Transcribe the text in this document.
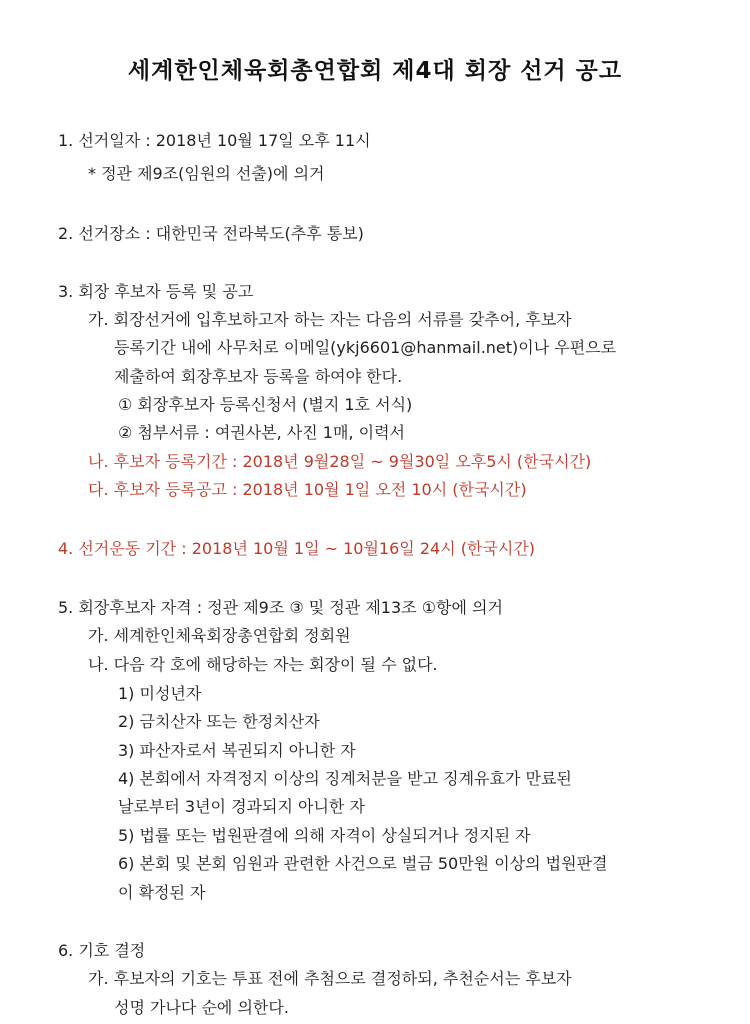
세계한인체육회총연합회 제4대 회장 선거 공고
1. 선거일자 : 2018년 10월 17일 오후 11시
* 정관 제9조(임원의 선출)에 의거
2. 선거장소 : 대한민국 전라북도(추후 통보)
3. 회장 후보자 등록 및 공고
가. 회장선거에 입후보하고자 하는 자는 다음의 서류를 갖추어, 후보자
등록기간 내에 사무처로 이메일(ykj6601@hanmail.net)이나 우편으로
제출하여 회장후보자 등록을 하여야 한다.
① 회장후보자 등록신청서 (별지 1호 서식)
② 첨부서류 : 여권사본, 사진 1매, 이력서
나. 후보자 등록기간 : 2018년 9월28일 ~ 9월30일 오후5시 (한국시간)
다. 후보자 등록공고 : 2018년 10월 1일 오전 10시 (한국시간)
4. 선거운동 기간 : 2018년 10월 1일 ~ 10월16일 24시 (한국시간)
5. 회장후보자 자격 : 정관 제9조 ③ 및 정관 제13조 ①항에 의거
가. 세계한인체육회장총연합회 정회원
나. 다음 각 호에 해당하는 자는 회장이 될 수 없다.
1) 미성년자
2) 금치산자 또는 한정치산자
3) 파산자로서 복권되지 아니한 자
4) 본회에서 자격정지 이상의 징계처분을 받고 징계유효가 만료된
날로부터 3년이 경과되지 아니한 자
5) 법률 또는 법원판결에 의해 자격이 상실되거나 정지된 자
6) 본회 및 본회 임원과 관련한 사건으로 벌금 50만원 이상의 법원판결
이 확정된 자
6. 기호 결정
가. 후보자의 기호는 투표 전에 추첨으로 결정하되, 추천순서는 후보자
성명 가나다 순에 의한다.
